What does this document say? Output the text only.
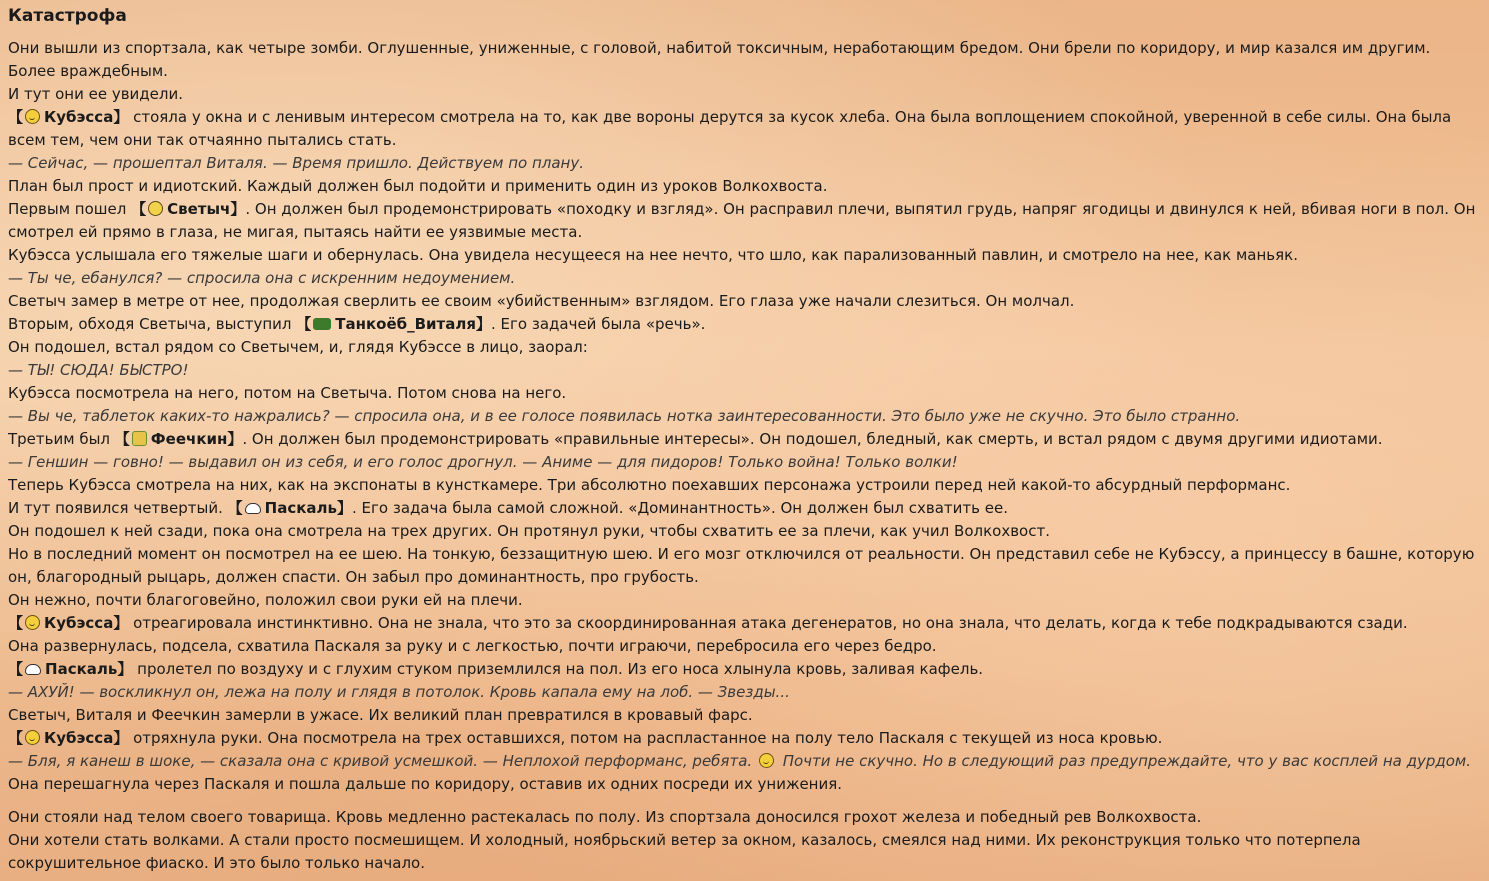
Катастрофа
Они вышли из спортзала, как четыре зомби. Оглушенные, униженные, с головой, набитой токсичным, неработающим бредом. Они брели по коридору, и мир казался им другим. Более враждебным.
И тут они ее увидели.
【 Кубэсса】 стояла у окна и с ленивым интересом смотрела на то, как две вороны дерутся за кусок хлеба. Она была воплощением спокойной, уверенной в себе силы. Она была всем тем, чем они так отчаянно пытались стать.
— Сейчас, — прошептал Виталя. — Время пришло. Действуем по плану.
План был прост и идиотский. Каждый должен был подойти и применить один из уроков Волкохвоста.
Первым пошел 【 Светыч】. Он должен был продемонстрировать «походку и взгляд». Он расправил плечи, выпятил грудь, напряг ягодицы и двинулся к ней, вбивая ноги в пол. Он смотрел ей прямо в глаза, не мигая, пытаясь найти ее уязвимые места.
Кубэсса услышала его тяжелые шаги и обернулась. Она увидела несущееся на нее нечто, что шло, как парализованный павлин, и смотрело на нее, как маньяк.
— Ты че, ебанулся? — спросила она с искренним недоумением.
Светыч замер в метре от нее, продолжая сверлить ее своим «убийственным» взглядом. Его глаза уже начали слезиться. Он молчал.
Вторым, обходя Светыча, выступил 【 Танкоёб_Виталя】. Его задачей была «речь».
Он подошел, встал рядом со Светычем, и, глядя Кубэссе в лицо, заорал:
— ТЫ! СЮДА! БЫСТРО!
Кубэсса посмотрела на него, потом на Светыча. Потом снова на него.
— Вы че, таблеток каких-то нажрались? — спросила она, и в ее голосе появилась нотка заинтересованности. Это было уже не скучно. Это было странно.
Третьим был 【 Феечкин】. Он должен был продемонстрировать «правильные интересы». Он подошел, бледный, как смерть, и встал рядом с двумя другими идиотами.
— Геншин — говно! — выдавил он из себя, и его голос дрогнул. — Аниме — для пидоров! Только война! Только волки!
Теперь Кубэсса смотрела на них, как на экспонаты в кунсткамере. Три абсолютно поехавших персонажа устроили перед ней какой-то абсурдный перформанс.
И тут появился четвертый. 【 Паскаль】. Его задача была самой сложной. «Доминантность». Он должен был схватить ее.
Он подошел к ней сзади, пока она смотрела на трех других. Он протянул руки, чтобы схватить ее за плечи, как учил Волкохвост.
Но в последний момент он посмотрел на ее шею. На тонкую, беззащитную шею. И его мозг отключился от реальности. Он представил себе не Кубэссу, а принцессу в башне, которую он, благородный рыцарь, должен спасти. Он забыл про доминантность, про грубость.
Он нежно, почти благоговейно, положил свои руки ей на плечи.
【 Кубэсса】 отреагировала инстинктивно. Она не знала, что это за скоординированная атака дегенератов, но она знала, что делать, когда к тебе подкрадываются сзади.
Она развернулась, подсела, схватила Паскаля за руку и с легкостью, почти играючи, перебросила его через бедро.
【 Паскаль】 пролетел по воздуху и с глухим стуком приземлился на пол. Из его носа хлынула кровь, заливая кафель.
— АХУЙ! — воскликнул он, лежа на полу и глядя в потолок. Кровь капала ему на лоб. — Звезды...
Светыч, Виталя и Феечкин замерли в ужасе. Их великий план превратился в кровавый фарс.
【 Кубэсса】 отряхнула руки. Она посмотрела на трех оставшихся, потом на распластанное на полу тело Паскаля с текущей из носа кровью.
— Бля, я канеш в шоке, — сказала она с кривой усмешкой. — Неплохой перформанс, ребята.  Почти не скучно. Но в следующий раз предупреждайте, что у вас косплей на дурдом.
Она перешагнула через Паскаля и пошла дальше по коридору, оставив их одних посреди их унижения.
Они стояли над телом своего товарища. Кровь медленно растекалась по полу. Из спортзала доносился грохот железа и победный рев Волкохвоста.
Они хотели стать волками. А стали просто посмешищем. И холодный, ноябрьский ветер за окном, казалось, смеялся над ними. Их реконструкция только что потерпела сокрушительное фиаско. И это было только начало.
